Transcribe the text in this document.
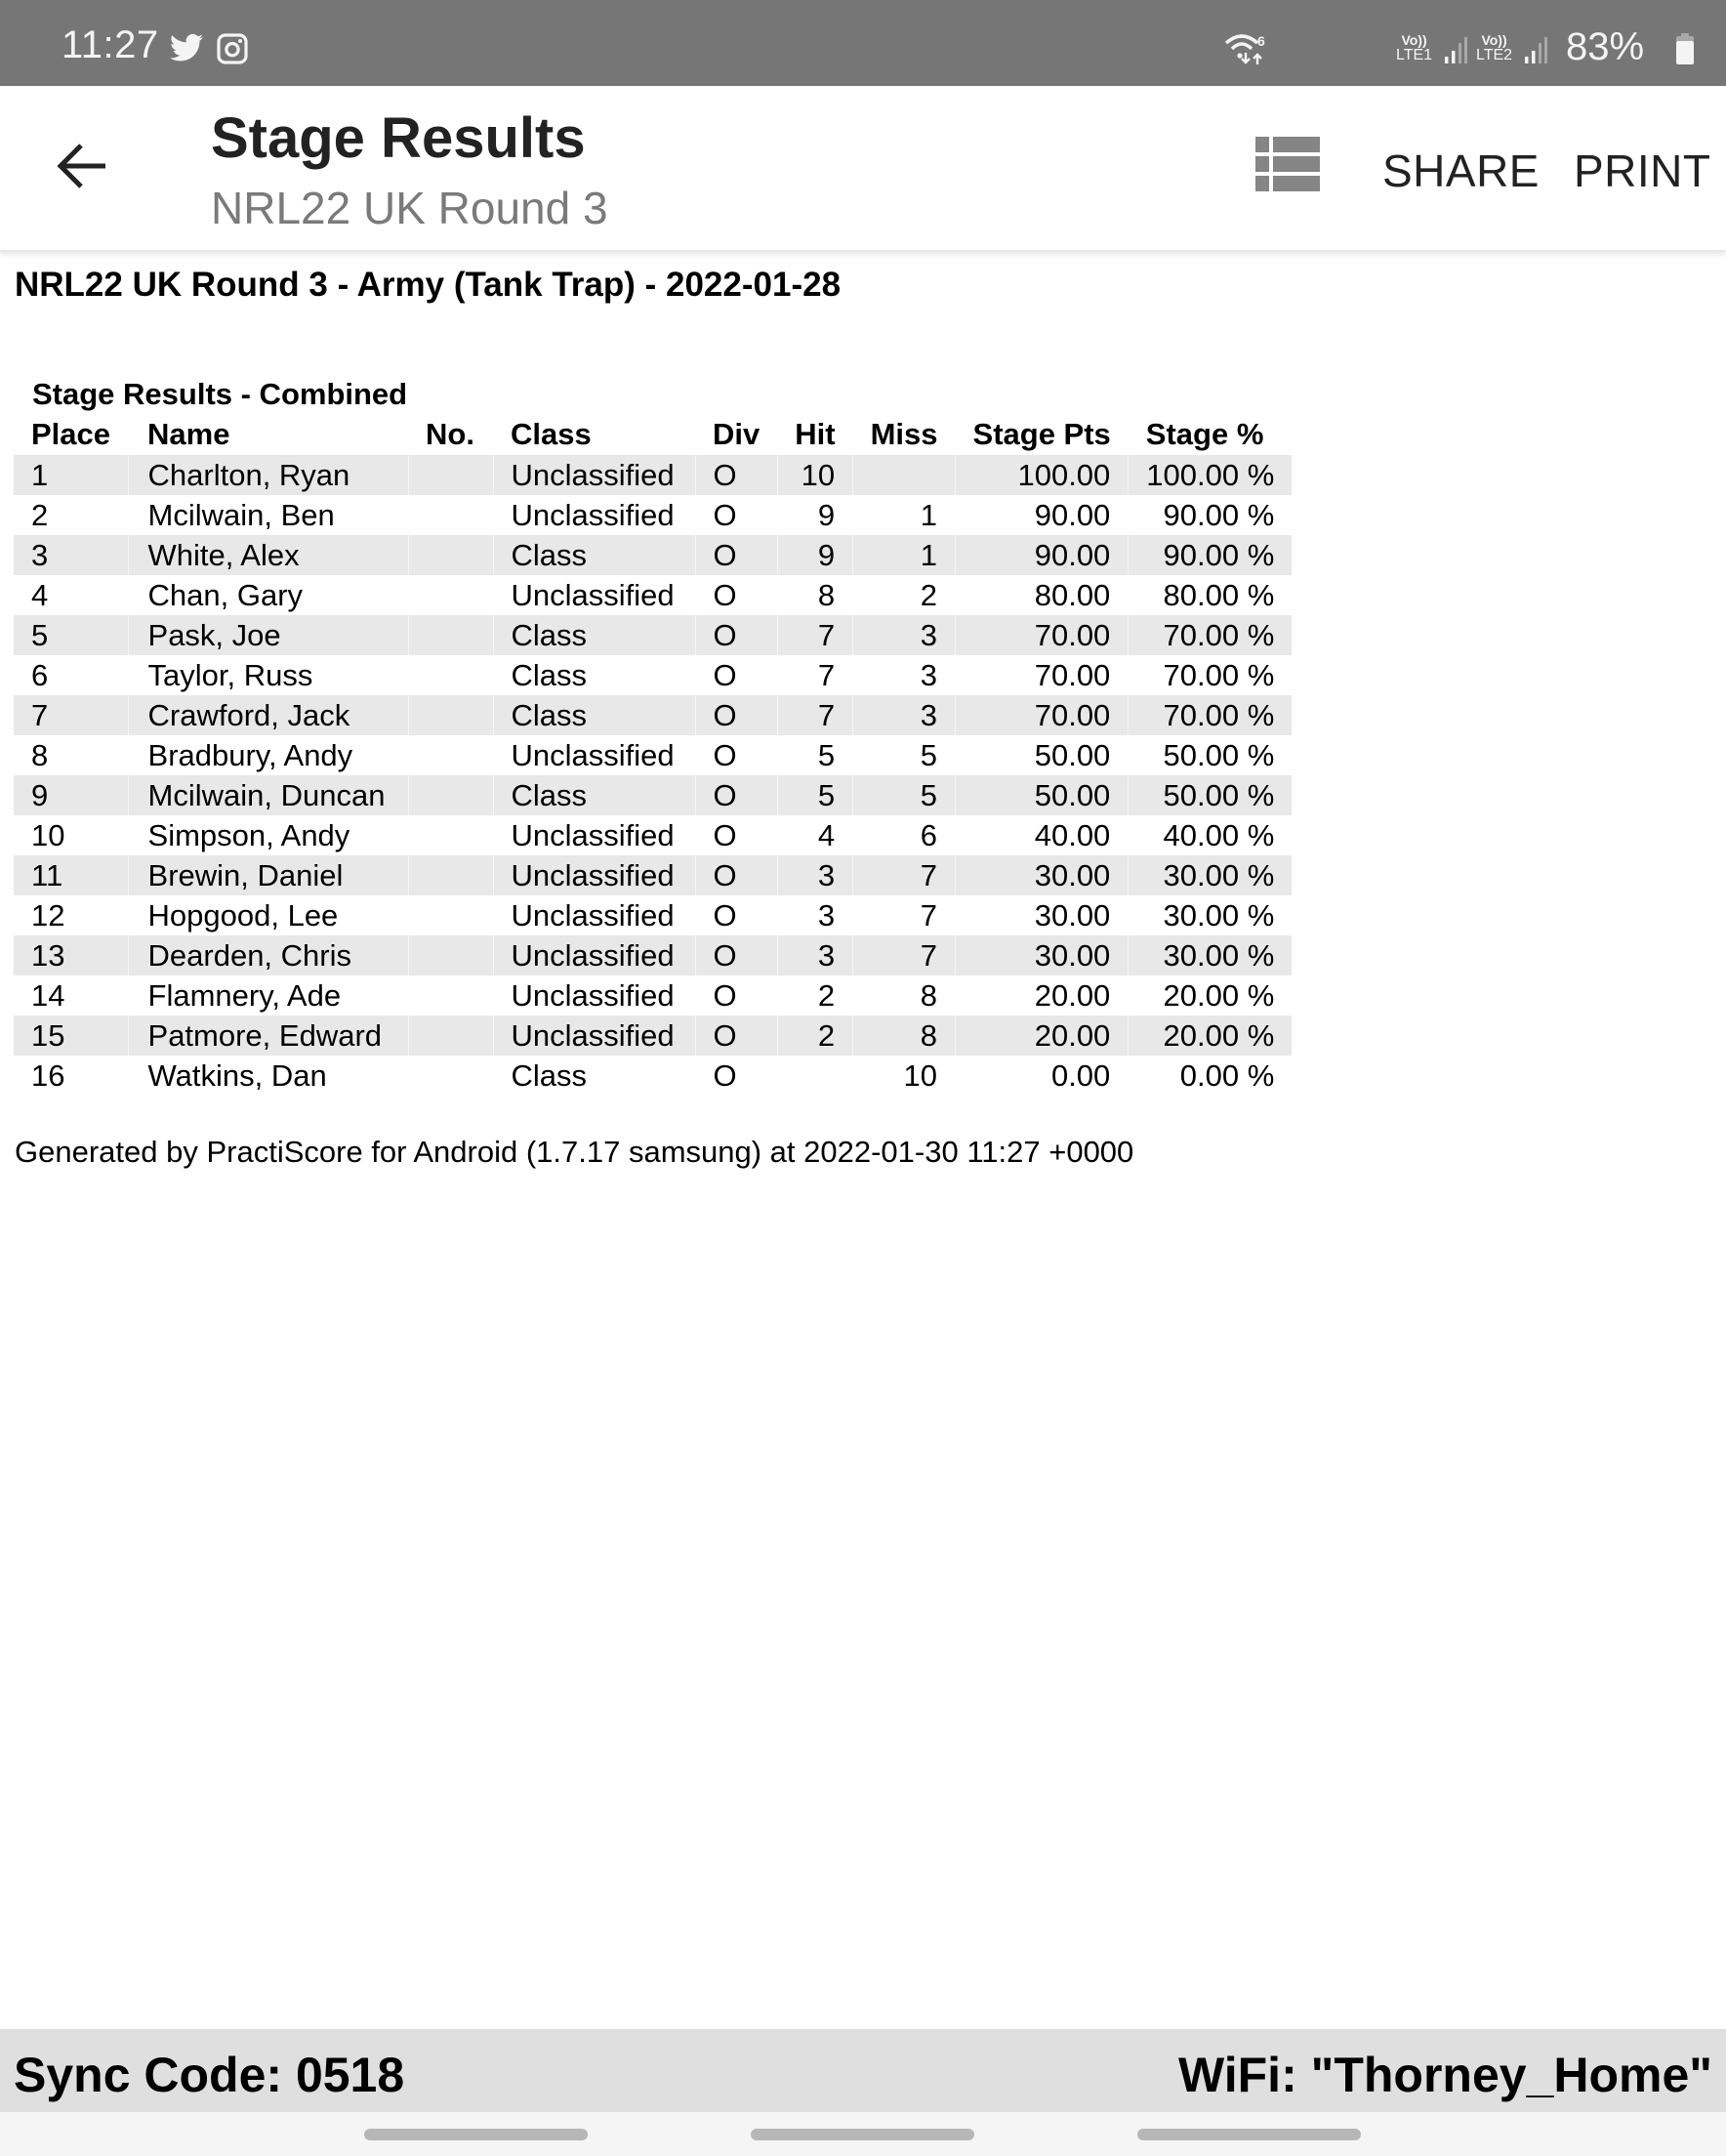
11:27	6	Vo))
LTE1
Vo))
LTE2 83%
Stage Results
NRL22 UK Round 3
SHARE PRINT
NRL22 UK Round 3 - Army (Tank Trap) - 2022-01-28
Stage Results - Combined
Place	Name	No.	Class	Div	Hit	Miss	Stage Pts	Stage %
1	Charlton, Ryan		Unclassified	O	10		100.00	100.00 %
2	Mcilwain, Ben		Unclassified	O	9	1	90.00	90.00 %
3	White, Alex		Class	O	9	1	90.00	90.00 %
4	Chan, Gary		Unclassified	O	8	2	80.00	80.00 %
5	Pask, Joe		Class	O	7	3	70.00	70.00 %
6	Taylor, Russ		Class	O	7	3	70.00	70.00 %
7	Crawford, Jack		Class	O	7	3	70.00	70.00 %
8	Bradbury, Andy		Unclassified	O	5	5	50.00	50.00 %
9	Mcilwain, Duncan		Class	O	5	5	50.00	50.00 %
10	Simpson, Andy		Unclassified	O	4	6	40.00	40.00 %
11	Brewin, Daniel		Unclassified	O	3	7	30.00	30.00 %
12	Hopgood, Lee		Unclassified	O	3	7	30.00	30.00 %
13	Dearden, Chris		Unclassified	O	3	7	30.00	30.00 %
14	Flamnery, Ade		Unclassified	O	2	8	20.00	20.00 %
15	Patmore, Edward		Unclassified	O	2	8	20.00	20.00 %
16	Watkins, Dan		Class	O		10	0.00	0.00 %
Generated by PractiScore for Android (1.7.17 samsung) at 2022-01-30 11:27 +0000
Sync Code: 0518	WiFi: "Thorney_Home"
